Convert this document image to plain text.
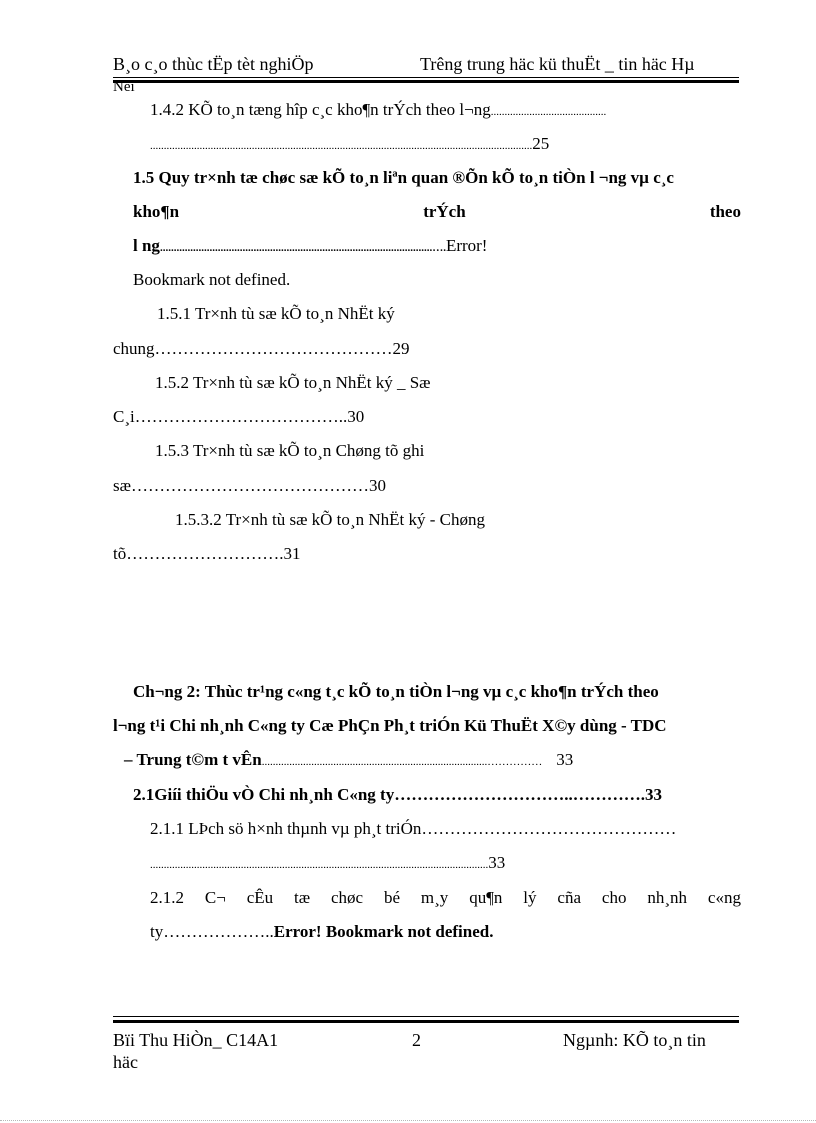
B¸o c¸o thùc tËp tèt nghiÖp	Trêng trung häc kü thuËt _ tin häc Hµ
Néi
1.4.2 KÕ to¸n tæng hîp c¸c kho¶n trÝch theo l¬ng..........................................
...........................................................................................................................................25
1.5 Quy tr×nh tæ chøc sæ kÕ to¸n liªn quan ®Õn kÕ to¸n tiÒn l ¬ng vµ c¸c
kho¶n	trÝch	theo
l ng...................................................................................................….Error!
Bookmark not defined.
1.5.1 Tr×nh tù sæ kÕ to¸n NhËt ký
chung……………………………………29
1.5.2 Tr×nh tù sæ kÕ to¸n NhËt ký _ Sæ
C¸i………………………………..30
1.5.3 Tr×nh tù sæ kÕ to¸n Chøng tõ ghi
sæ……………………………………30
1.5.3.2 Tr×nh tù sæ kÕ to¸n NhËt ký - Chøng
tõ……………………….31
Ch¬ng 2: Thùc tr¹ng c«ng t¸c kÕ to¸n tiÒn l¬ng vµ c¸c kho¶n trÝch theo
l¬ng t¹i Chi nh¸nh C«ng ty Cæ PhÇn Ph¸t triÓn Kü ThuËt X©y dùng - TDC
– Trung t©m t vÊn..................................................................................…………… 33
2.1Giíi thiÖu vÒ Chi nh¸nh C«ng ty…………………………..………….33
2.1.1 LÞch sö h×nh thµnh vµ ph¸t triÓn………………………………………
...........................................................................................................................33
2.1.2 C¬ cÊu tæ chøc bé m¸y qu¶n lý cña cho nh¸nh c«ng
ty………………..Error! Bookmark not defined.
Bïi Thu HiÒn_ C14A1	2	Ngµnh: KÕ to¸n tin
häc
